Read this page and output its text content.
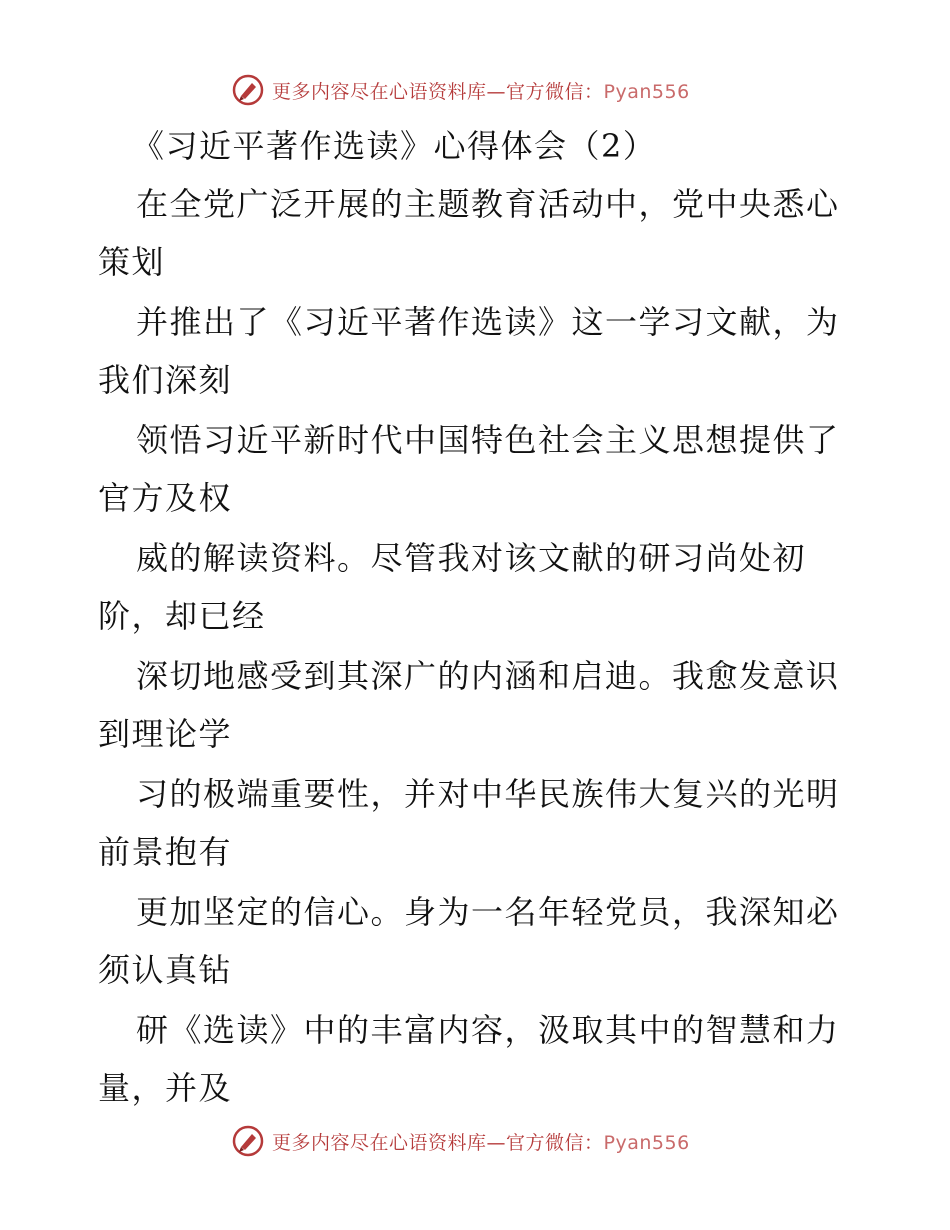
更多内容尽在心语资料库—官方微信：Pyan556
《习近平著作选读》心得体会（2）
在全党广泛开展的主题教育活动中，党中央悉心
策划
并推出了《习近平著作选读》这一学习文献，为
我们深刻
领悟习近平新时代中国特色社会主义思想提供了
官方及权
威的解读资料。尽管我对该文献的研习尚处初
阶，却已经
深切地感受到其深广的内涵和启迪。我愈发意识
到理论学
习的极端重要性，并对中华民族伟大复兴的光明
前景抱有
更加坚定的信心。身为一名年轻党员，我深知必
须认真钻
研《选读》中的丰富内容，汲取其中的智慧和力
量，并及
更多内容尽在心语资料库—官方微信：Pyan556
